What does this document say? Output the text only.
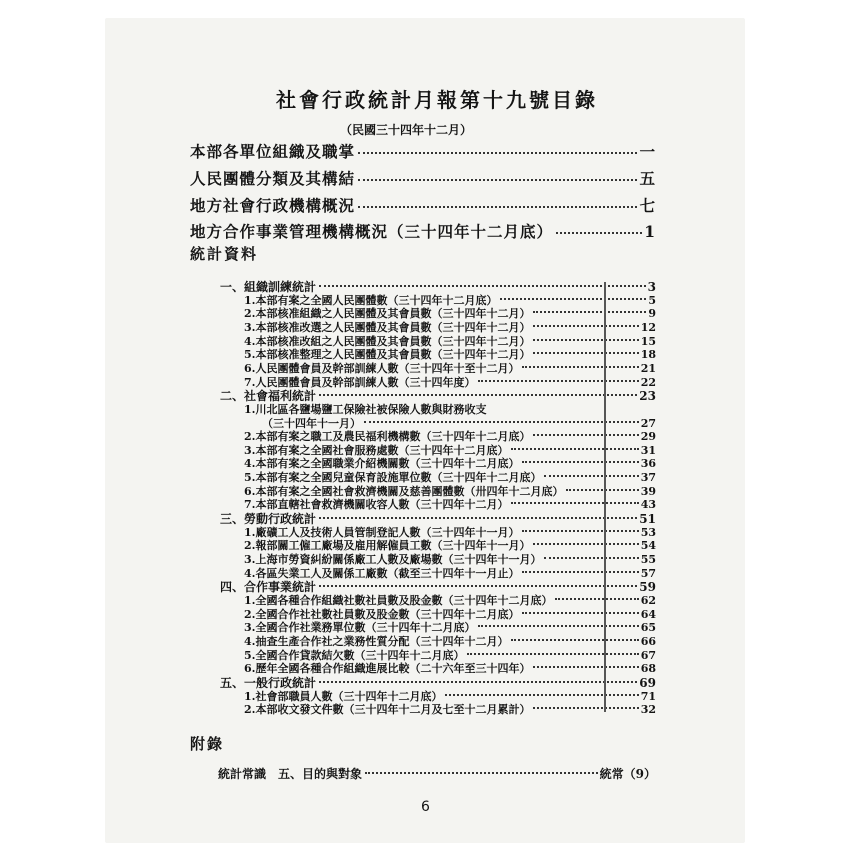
社會行政統計月報第十九號目錄
（民國三十四年十二月）
本部各單位組織及職掌	一
人民團體分類及其構結	五
地方社會行政機構概況	七
地方合作事業管理機構概況（三十四年十二月底）	1
統計資料
一、組織訓練統計	3
1.本部有案之全國人民團體數（三十四年十二月底）	5
2.本部核准組織之人民團體及其會員數（三十四年十二月）	9
3.本部核准改選之人民團體及其會員數（三十四年十二月）	12
4.本部核准改組之人民團體及其會員數（三十四年十二月）	15
5.本部核准整理之人民團體及其會員數（三十四年十二月）	18
6.人民團體會員及幹部訓練人數（三十四年十至十二月）	21
7.人民團體會員及幹部訓練人數（三十四年度）	22
二、社會福利統計	23
1.川北區各鹽場鹽工保險社被保險人數與財務收支
（三十四年十一月）	27
2.本部有案之職工及農民福利機構數（三十四年十二月底）	29
3.本部有案之全國社會服務處數（三十四年十二月底）	31
4.本部有案之全國職業介紹機關數（三十四年十二月底）	36
5.本部有案之全國兒童保育設施單位數（三十四年十二月底）	37
6.本部有案之全國社會救濟機關及慈善團體數（卅四年十二月底）	39
7.本部直轄社會救濟機關收容人數（三十四年十二月）	43
三、勞動行政統計	51
1.廠礦工人及技術人員管制登記人數（三十四年十一月）	53
2.報部關工僱工廠場及雇用解僱員工數（三十四年十一月）	54
3.上海市勞資糾紛關係廠工人數及廠場數（三十四年十一月）	55
4.各區失業工人及關係工廠數（截至三十四年十一月止）	57
四、合作事業統計	59
1.全國各種合作組織社數社員數及股金數（三十四年十二月底）	62
2.全國合作社社數社員數及股金數（三十四年十二月底）	64
3.全國合作社業務單位數（三十四年十二月底）	65
4.抽查生產合作社之業務性質分配（三十四年十二月）	66
5.全國合作貸款結欠數（三十四年十二月底）	67
6.歷年全國各種合作組織進展比較（二十六年至三十四年）	68
五、一般行政統計	69
1.社會部職員人數（三十四年十二月底）	71
2.本部收文發文件數（三十四年十二月及七至十二月累計）	32
附錄
統計常識　五、目的與對象	統常（9）
6
